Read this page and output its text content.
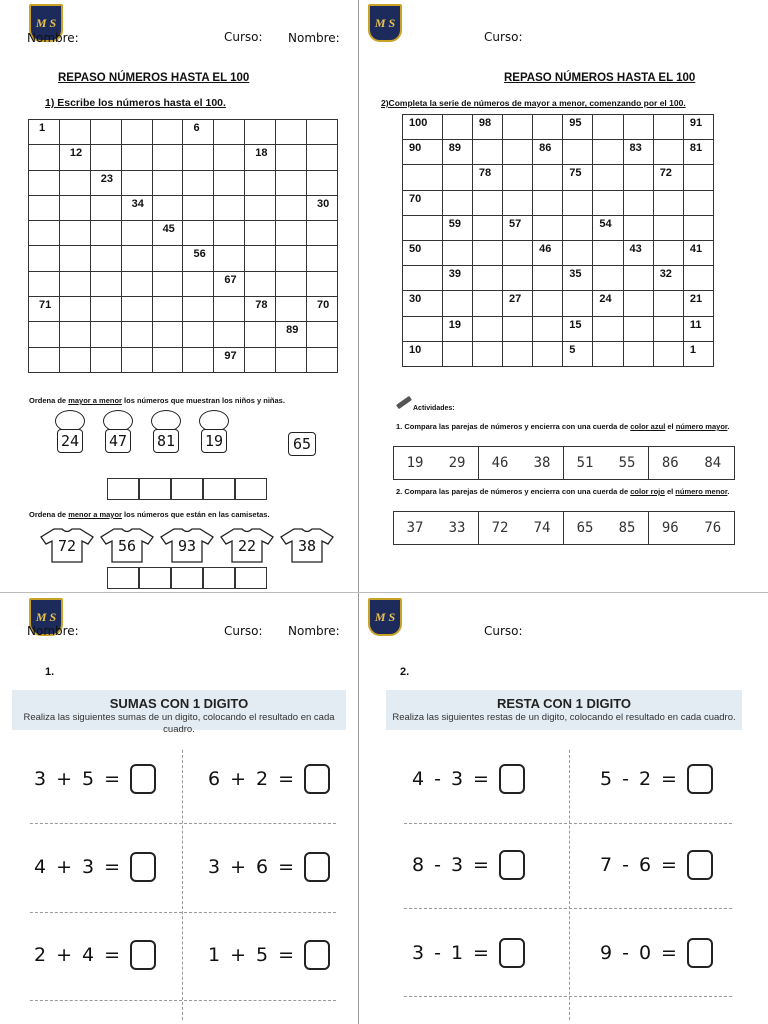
M S
Nombre:	Curso: Nombre:
M S
Curso:
REPASO NÚMEROS HASTA EL 100
1) Escribe los números hasta el 100.
1					6				
	12						18		
		23							
			34						30
				45					
					56				
						67			
71							78		70
								89	
						97			
Ordena de mayor a menor los números que muestran los niños y niñas.
24 47 81 19	65
Ordena de menor a mayor los números que están en las camisetas.
72	56	93	22	38
REPASO NÚMEROS HASTA EL 100
2)Completa la serie de números de mayor a menor, comenzando por el 100.
100		98			95				91
90	89			86			83		81
		78			75			72	
70									
	59		57			54			
50				46			43		41
	39				35			32	
30			27			24			21
	19				15				11
10					5				1
Actividades:
1. Compara las parejas de números y encierra con una cuerda de color azul el número mayor.
19 29 46 38 51 55 86 84
2. Compara las parejas de números y encierra con una cuerda de color rojo el número menor.
37 33 72 74 65 85 96 76
M S
Nombre:	Curso: Nombre:
M S
Curso:
1.	2.
SUMAS CON 1 DIGITO
Realiza las siguientes sumas de un digito, colocando el resultado en cada cuadro.
3 + 5 =	6 + 2 =
4 + 3 =	3 + 6 =
2 + 4 =	1 + 5 =
RESTA CON 1 DIGITO
Realiza las siguientes restas de un digito, colocando el resultado en cada cuadro.
4 - 3 =	5 - 2 =
8 - 3 =	7 - 6 =
3 - 1 =	9 - 0 =
